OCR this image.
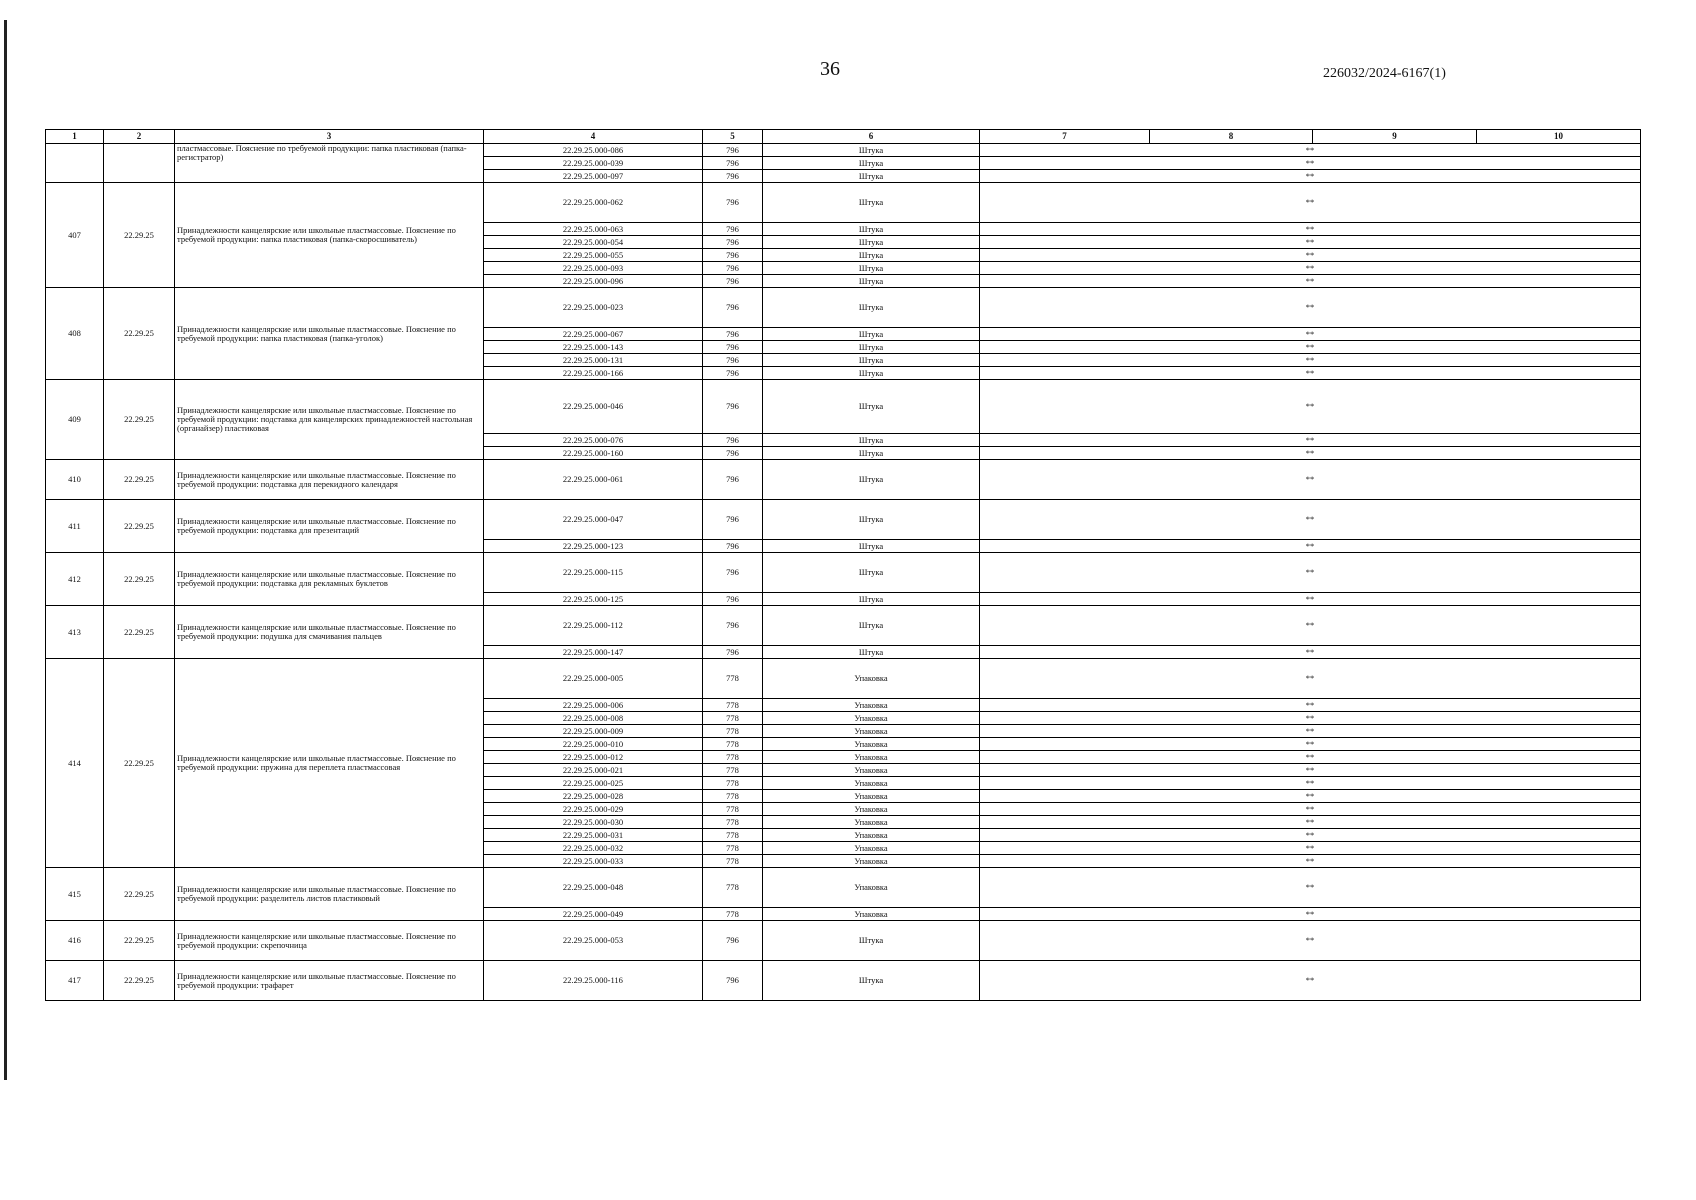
36	226032/2024-6167(1)
1	2	3	4	5	6	7	8	9	10
		пластмассовые. Пояснение по требуемой продукции: папка пластиковая (папка-регистратор)	22.29.25.000-086	796	Штука	**			
			22.29.25.000-039	796	Штука	**			
			22.29.25.000-097	796	Штука	**			
407	22.29.25	Принадлежности канцелярские или школьные пластмассовые. Пояснение по требуемой продукции: папка пластиковая (папка-скоросшиватель)	22.29.25.000-062	796	Штука	**			
			22.29.25.000-063	796	Штука	**			
			22.29.25.000-054	796	Штука	**			
			22.29.25.000-055	796	Штука	**			
			22.29.25.000-093	796	Штука	**			
			22.29.25.000-096	796	Штука	**			
408	22.29.25	Принадлежности канцелярские или школьные пластмассовые. Пояснение по требуемой продукции: папка пластиковая (папка-уголок)	22.29.25.000-023	796	Штука	**			
			22.29.25.000-067	796	Штука	**			
			22.29.25.000-143	796	Штука	**			
			22.29.25.000-131	796	Штука	**			
			22.29.25.000-166	796	Штука	**			
409	22.29.25	Принадлежности канцелярские или школьные пластмассовые. Пояснение по требуемой продукции: подставка для канцелярских принадлежностей настольная (органайзер) пластиковая	22.29.25.000-046	796	Штука	**			
			22.29.25.000-076	796	Штука	**			
			22.29.25.000-160	796	Штука	**			
410	22.29.25	Принадлежности канцелярские или школьные пластмассовые. Пояснение по требуемой продукции: подставка для перекидного календаря	22.29.25.000-061	796	Штука	**			
411	22.29.25	Принадлежности канцелярские или школьные пластмассовые. Пояснение по требуемой продукции: подставка для презентаций	22.29.25.000-047	796	Штука	**			
			22.29.25.000-123	796	Штука	**			
412	22.29.25	Принадлежности канцелярские или школьные пластмассовые. Пояснение по требуемой продукции: подставка для рекламных буклетов	22.29.25.000-115	796	Штука	**			
			22.29.25.000-125	796	Штука	**			
413	22.29.25	Принадлежности канцелярские или школьные пластмассовые. Пояснение по требуемой продукции: подушка для смачивания пальцев	22.29.25.000-112	796	Штука	**			
			22.29.25.000-147	796	Штука	**			
414	22.29.25	Принадлежности канцелярские или школьные пластмассовые. Пояснение по требуемой продукции: пружина для переплета пластмассовая	22.29.25.000-005	778	Упаковка	**			
			22.29.25.000-006	778	Упаковка	**			
			22.29.25.000-008	778	Упаковка	**			
			22.29.25.000-009	778	Упаковка	**			
			22.29.25.000-010	778	Упаковка	**			
			22.29.25.000-012	778	Упаковка	**			
			22.29.25.000-021	778	Упаковка	**			
			22.29.25.000-025	778	Упаковка	**			
			22.29.25.000-028	778	Упаковка	**			
			22.29.25.000-029	778	Упаковка	**			
			22.29.25.000-030	778	Упаковка	**			
			22.29.25.000-031	778	Упаковка	**			
			22.29.25.000-032	778	Упаковка	**			
			22.29.25.000-033	778	Упаковка	**			
415	22.29.25	Принадлежности канцелярские или школьные пластмассовые. Пояснение по требуемой продукции: разделитель листов пластиковый	22.29.25.000-048	778	Упаковка	**			
			22.29.25.000-049	778	Упаковка	**			
416	22.29.25	Принадлежности канцелярские или школьные пластмассовые. Пояснение по требуемой продукции: скрепочница	22.29.25.000-053	796	Штука	**			
417	22.29.25	Принадлежности канцелярские или школьные пластмассовые. Пояснение по требуемой продукции: трафарет	22.29.25.000-116	796	Штука	**			
